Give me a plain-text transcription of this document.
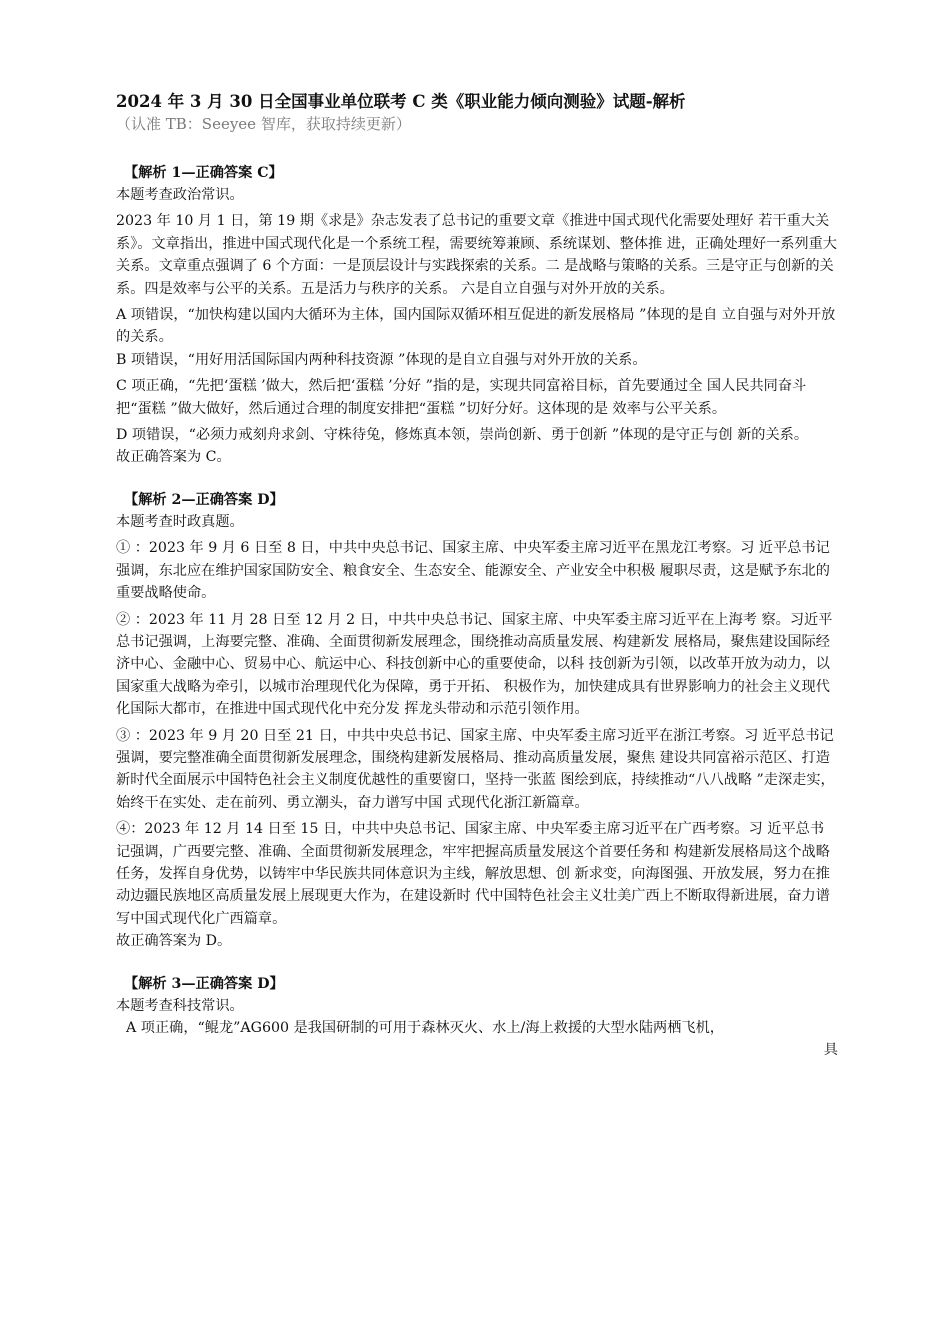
2024 年 3 月 30 日全国事业单位联考 C 类《职业能力倾向测验》试题-解析
（认准 TB：Seeyee 智库，获取持续更新）

【解析 1—正确答案 C】

本题考查政治常识。

2023 年 10 月 1 日，第 19 期《求是》杂志发表了总书记的重要文章《推进中国式现代化需要处理好 若干重大关系》。文章指出，推进中国式现代化是一个系统工程，需要统筹兼顾、系统谋划、整体推 进，正确处理好一系列重大关系。文章重点强调了 6 个方面：一是顶层设计与实践探索的关系。二 是战略与策略的关系。三是守正与创新的关系。四是效率与公平的关系。五是活力与秩序的关系。 六是自立自强与对外开放的关系。

A 项错误，“加快构建以国内大循环为主体，国内国际双循环相互促进的新发展格局 ”体现的是自 立自强与对外开放的关系。

B 项错误，“用好用活国际国内两种科技资源 ”体现的是自立自强与对外开放的关系。

C 项正确，“先把‘蛋糕 ’做大，然后把‘蛋糕 ’分好 ”指的是，实现共同富裕目标，首先要通过全 国人民共同奋斗把“蛋糕 ”做大做好，然后通过合理的制度安排把“蛋糕 ”切好分好。这体现的是 效率与公平关系。

D 项错误，“必须力戒刻舟求剑、守株待兔，修炼真本领，崇尚创新、勇于创新 ”体现的是守正与创 新的关系。

故正确答案为 C。

【解析 2—正确答案 D】

本题考查时政真题。

① ：2023 年 9 月 6 日至 8 日，中共中央总书记、国家主席、中央军委主席习近平在黑龙江考察。习 近平总书记强调，东北应在维护国家国防安全、粮食安全、生态安全、能源安全、产业安全中积极 履职尽责，这是赋予东北的重要战略使命。

② ：2023 年 11 月 28 日至 12 月 2 日，中共中央总书记、国家主席、中央军委主席习近平在上海考 察。习近平总书记强调，上海要完整、准确、全面贯彻新发展理念，围绕推动高质量发展、构建新发 展格局，聚焦建设国际经济中心、金融中心、贸易中心、航运中心、科技创新中心的重要使命，以科 技创新为引领，以改革开放为动力，以国家重大战略为牵引，以城市治理现代化为保障，勇于开拓、 积极作为，加快建成具有世界影响力的社会主义现代化国际大都市，在推进中国式现代化中充分发 挥龙头带动和示范引领作用。

③ ：2023 年 9 月 20 日至 21 日，中共中央总书记、国家主席、中央军委主席习近平在浙江考察。习 近平总书记强调，要完整准确全面贯彻新发展理念，围绕构建新发展格局、推动高质量发展，聚焦 建设共同富裕示范区、打造新时代全面展示中国特色社会主义制度优越性的重要窗口，坚持一张蓝 图绘到底，持续推动“八八战略 ”走深走实，始终干在实处、走在前列、勇立潮头，奋力谱写中国 式现代化浙江新篇章。

④：2023 年 12 月 14 日至 15 日，中共中央总书记、国家主席、中央军委主席习近平在广西考察。习 近平总书记强调，广西要完整、准确、全面贯彻新发展理念，牢牢把握高质量发展这个首要任务和 构建新发展格局这个战略任务，发挥自身优势，以铸牢中华民族共同体意识为主线，解放思想、创 新求变，向海图强、开放发展，努力在推动边疆民族地区高质量发展上展现更大作为，在建设新时 代中国特色社会主义壮美广西上不断取得新进展，奋力谱写中国式现代化广西篇章。

故正确答案为 D。

【解析 3—正确答案 D】

本题考查科技常识。

A 项正确，“鲲龙”AG600 是我国研制的可用于森林灭火、水上/海上救援的大型水陆两栖飞机，

具
